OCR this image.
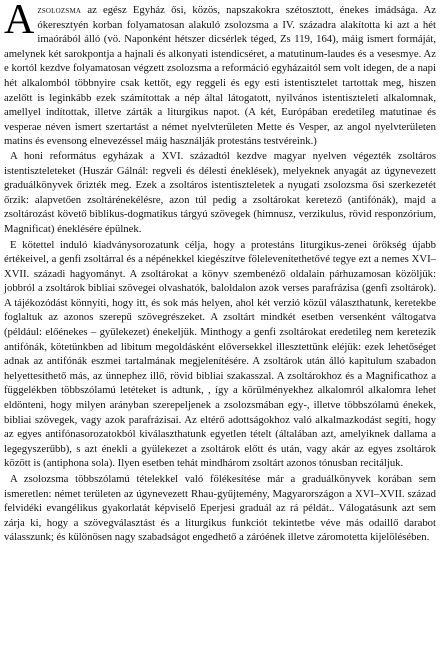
Azsolozsma az egész Egyház ősi, közös, napszakokra szétosztott, énekes imádsága. Az ókeresztyén korban folyamatosan alakuló zsolozsma a IV. századra alakította ki azt a hét imaórából álló (vö. Naponként hétszer dicsérlek téged, Zs 119, 164), máig ismert formáját, amelynek két sarokpontja a hajnali és alkonyati istendicséret, a matutinum-laudes és a vesesmye. Az e kortól kezdve folyamatosan végzett zsolozsma a reformáció egyházaitól sem volt idegen, de a napi hét alkalomból többnyire csak kettőt, egy reggeli és egy esti istentisztelet tartottak meg, hiszen azelőtt is leginkább ezek számítottak a nép által látogatott, nyilvános istentiszteleti alkalomnak, amellyel indítottak, illetve zárták a liturgikus napot. (A két, Európában eredetileg matutinae és vesperae néven ismert szertartást a német nyelvterületen Mette és Vesper, az angol nyelvterületen matins és evensong elnevezéssel máig használják protestáns testvéreink.)

A honi református egyházak a XVI. századtól kezdve magyar nyelven végezték zsoltáros istentiszteleteket (Huszár Gálnál: regveli és délesti éneklések), melyeknek anyagát az úgynevezett graduálkönyvek őrizték meg. Ezek a zsoltáros istentiszteletek a nyugati zsolozsma ősi szerkezetét őrzik: alapvetően zsoltárénekélésre, azon túl pedig a zsoltárokat keretező (antifónák), majd a zsoltározást követő biblikus-dogmatikus tárgyú szövegek (himnusz, verzikulus, rövid responzórium, Magnificat) éneklésére épülnek.

E kötettel induló kiadványsorozatunk célja, hogy a protestáns liturgikus-zenei örökség újabb értékeivel, a genfi zsoltárral és a népénekkel kiegészítve fölelevenítethetővé tegye ezt a nemes XVI–XVII. századi hagyományt. A zsoltárokat a könyv szembenéző oldalain párhuzamosan közöljük: jobbról a zsoltárok bibliai szövegei olvashatók, baloldalon azok verses parafrázisa (genfi zsoltárok). A tájékozódást könnyíti, hogy itt, és sok más helyen, ahol két verzió közül választhatunk, keretekbe foglaltuk az azonos szerepű szövegrészeket. A zsoltárt mindkét esetben versenként váltogatva (például: előénekes – gyülekezet) énekeljük. Minthogy a genfi zsoltárokat eredetileg nem keretezik antifónák, kötetünkben ad libitum megoldásként előversekkel illesztettünk eléjük: ezek lehetőséget adnak az antifónák eszmei tartalmának megjelenítésére. A zsoltárok után álló kapitulum szabadon helyettesíthető más, az ünnephez illő, rövid bibliai szakasszal. A zsoltárokhoz és a Magnificathoz a függelékben többszólamú letéteket is adtunk, , így a körülményekhez alkalomról alkalomra lehet eldönteni, hogy milyen arányban szerepeljenek a zsolozsmában egy-, illetve többszólamú énekek, bibliai szövegek, vagy azok parafrázisai. Az eltérő adottságokhoz való alkalmazkodást segíti, hogy az egyes antifónasorozatokból kiválaszthatunk egyetlen tételt (általában azt, amelyiknek dallama a legegyszerűbb), s azt énekli a gyülekezet a zsoltárok előtt és után, vagy akár az egyes zsoltárok között is (antiphona sola). Ilyen esetben tehát mindhárom zsoltárt azonos tónusban recitáljuk.

A zsolozsma többszólamú tételekkel való fölékesítése már a graduálkönyvek korában sem ismeretlen: német területen az úgynevezett Rhau-gyűjtemény, Magyarországon a XVI–XVII. század felvidéki evangélikus gyakorlatát képviselő Eperjesi graduál az rá példát.. Válogatásunk azt sem zárja ki, hogy a szövegválasztást és a liturgikus funkciót tekintetbe véve más odaillő darabot válasszunk; és különösen nagy szabadságot engedhető a záróének illetve záromotetta kijelölésében.
